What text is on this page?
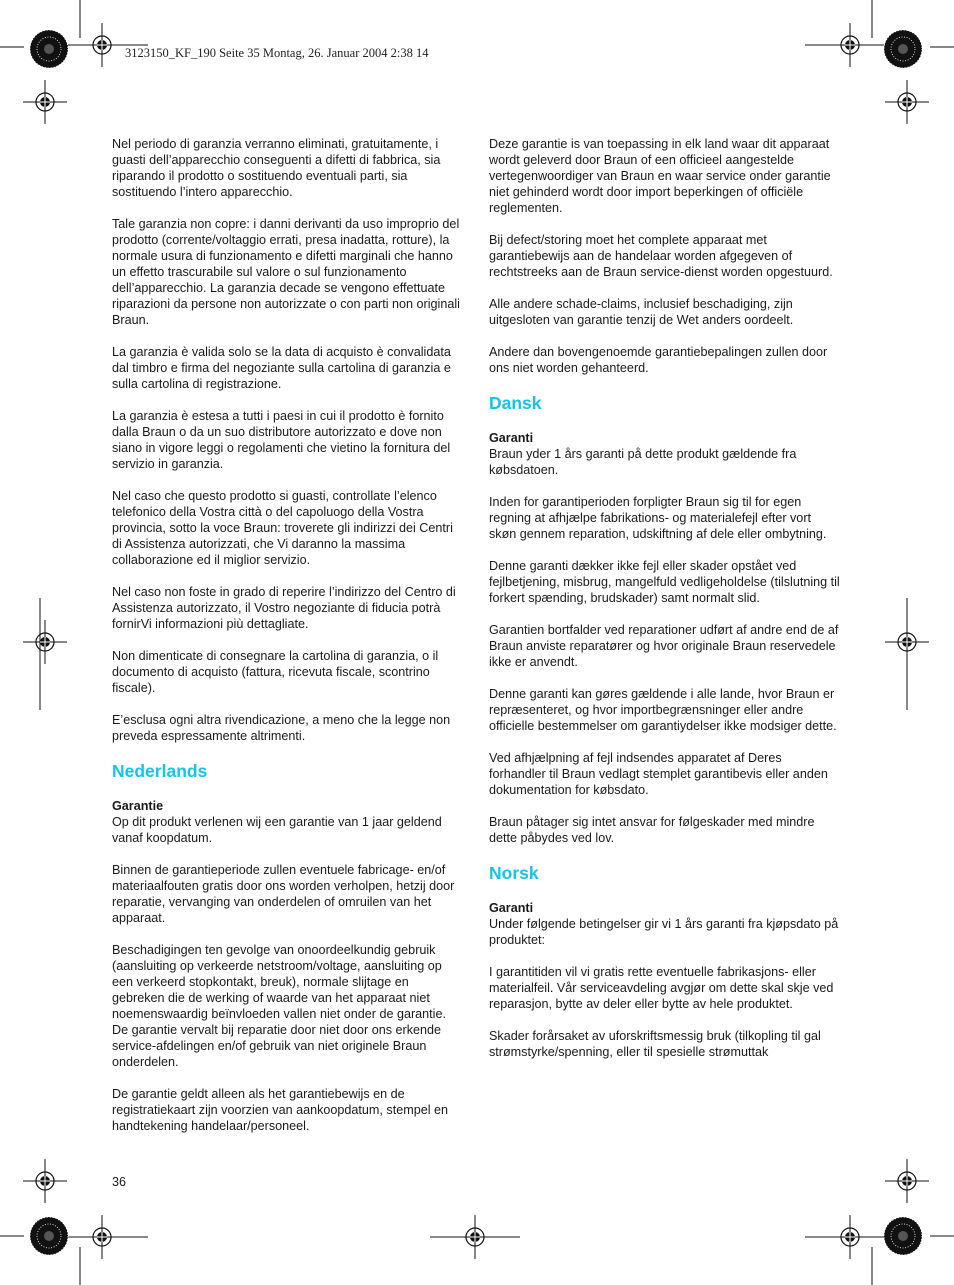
3123150_KF_190 Seite 35 Montag, 26. Januar 2004 2:38 14

Nel periodo di garanzia verranno eliminati, gratuitamente, i guasti dell’apparecchio conseguenti a difetti di fabbrica, sia riparando il prodotto o sostituendo eventuali parti, sia sostituendo l’intero apparecchio.

Tale garanzia non copre: i danni derivanti da uso improprio del prodotto (corrente/voltaggio errati, presa inadatta, rotture), la normale usura di funzionamento e difetti marginali che hanno un effetto trascurabile sul valore o sul funzionamento dell’apparecchio. La garanzia decade se vengono effettuate riparazioni da persone non autorizzate o con parti non originali Braun.

La garanzia è valida solo se la data di acquisto è convalidata dal timbro e firma del negoziante sulla cartolina di garanzia e sulla cartolina di registrazione.

La garanzia è estesa a tutti i paesi in cui il prodotto è fornito dalla Braun o da un suo distributore autorizzato e dove non siano in vigore leggi o regolamenti che vietino la fornitura del servizio in garanzia.

Nel caso che questo prodotto si guasti, controllate l’elenco telefonico della Vostra città o del capoluogo della Vostra provincia, sotto la voce Braun: troverete gli indirizzi dei Centri di Assistenza autorizzati, che Vi daranno la massima collaborazione ed il miglior servizio.

Nel caso non foste in grado di reperire l’indirizzo del Centro di Assistenza autorizzato, il Vostro negoziante di fiducia potrà fornirVi informazioni più dettagliate.

Non dimenticate di consegnare la cartolina di garanzia, o il documento di acquisto (fattura, ricevuta fiscale, scontrino fiscale).

E’esclusa ogni altra rivendicazione, a meno che la legge non preveda espressamente altrimenti.

Nederlands

Garantie
Op dit produkt verlenen wij een garantie van 1 jaar geldend vanaf koopdatum.

Binnen de garantieperiode zullen eventuele fabricage- en/of materiaalfouten gratis door ons worden verholpen, hetzij door reparatie, vervanging van onderdelen of omruilen van het apparaat.

Beschadigingen ten gevolge van onoordeelkundig gebruik (aansluiting op verkeerde netstroom/voltage, aansluiting op een verkeerd stopkontakt, breuk), normale slijtage en gebreken die de werking of waarde van het apparaat niet noemenswaardig beïnvloeden vallen niet onder de garantie. De garantie vervalt bij reparatie door niet door ons erkende service-afdelingen en/of gebruik van niet originele Braun onderdelen.

De garantie geldt alleen als het garantiebewijs en de registratiekaart zijn voorzien van aankoopdatum, stempel en handtekening handelaar/personeel.

Deze garantie is van toepassing in elk land waar dit apparaat wordt geleverd door Braun of een officieel aangestelde vertegenwoordiger van Braun en waar service onder garantie niet gehinderd wordt door import beperkingen of officiële reglementen.

Bij defect/storing moet het complete apparaat met garantiebewijs aan de handelaar worden afgegeven of rechtstreeks aan de Braun service-dienst worden opgestuurd.

Alle andere schade-claims, inclusief beschadiging, zijn uitgesloten van garantie tenzij de Wet anders oordeelt.

Andere dan bovengenoemde garantiebepalingen zullen door ons niet worden gehanteerd.

Dansk

Garanti
Braun yder 1 års garanti på dette produkt gældende fra købsdatoen.

Inden for garantiperioden forpligter Braun sig til for egen regning at afhjælpe fabrikations- og materialefejl efter vort skøn gennem reparation, udskiftning af dele eller ombytning.

Denne garanti dækker ikke fejl eller skader opstået ved fejlbetjening, misbrug, mangelfuld vedligeholdelse (tilslutning til forkert spænding, brudskader) samt normalt slid.

Garantien bortfalder ved reparationer udført af andre end de af Braun anviste reparatører og hvor originale Braun reservedele ikke er anvendt.

Denne garanti kan gøres gældende i alle lande, hvor Braun er repræsenteret, og hvor importbegrænsninger eller andre officielle bestemmelser om garantiydelser ikke modsiger dette.

Ved afhjælpning af fejl indsendes apparatet af Deres forhandler til Braun vedlagt stemplet garantibevis eller anden dokumentation for købsdato.

Braun påtager sig intet ansvar for følgeskader med mindre dette påbydes ved lov.

Norsk

Garanti
Under følgende betingelser gir vi 1 års garanti fra kjøpsdato på produktet:

I garantitiden vil vi gratis rette eventuelle fabrikasjons- eller materialfeil. Vår serviceavdeling avgjør om dette skal skje ved reparasjon, bytte av deler eller bytte av hele produktet.

Skader forårsaket av uforskriftsmessig bruk (tilkopling til gal strømstyrke/spenning, eller til spesielle strømuttak

36
